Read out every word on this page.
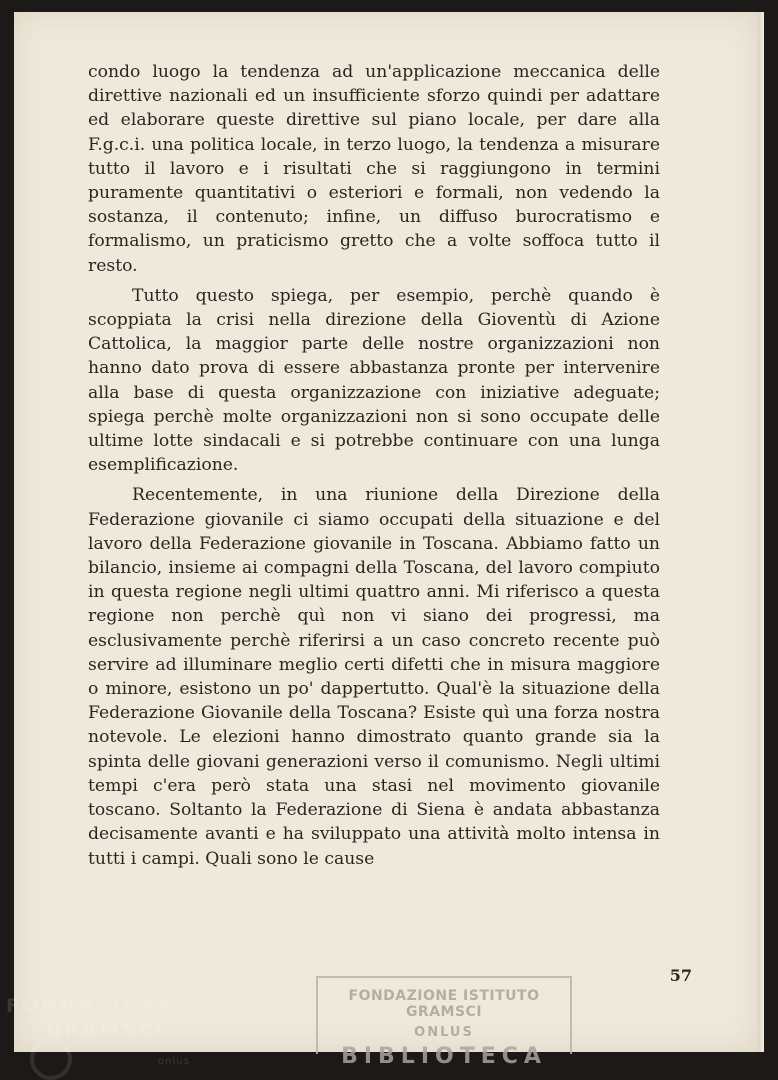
condo luogo la tendenza ad un'applicazione meccanica delle direttive nazionali ed un insufficiente sforzo quindi per adattare ed elaborare queste direttive sul piano locale, per dare alla F.g.c.i. una politica locale, in terzo luogo, la tendenza a misurare tutto il lavoro e i risultati che si raggiungono in termini puramente quantitativi o esteriori e formali, non vedendo la sostanza, il contenuto; infine, un diffuso burocratismo e formalismo, un praticismo gretto che a volte soffoca tutto il resto.

Tutto questo spiega, per esempio, perchè quando è scoppiata la crisi nella direzione della Gioventù di Azione Cattolica, la maggior parte delle nostre organizzazioni non hanno dato prova di essere abbastanza pronte per intervenire alla base di questa organizzazione con iniziative adeguate; spiega perchè molte organizzazioni non si sono occupate delle ultime lotte sindacali e si potrebbe continuare con una lunga esemplificazione.

Recentemente, in una riunione della Direzione della Federazione giovanile ci siamo occupati della situazione e del lavoro della Federazione giovanile in Toscana. Abbiamo fatto un bilancio, insieme ai compagni della Toscana, del lavoro compiuto in questa regione negli ultimi quattro anni. Mi riferisco a questa regione non perchè quì non vi siano dei progressi, ma esclusivamente perchè riferirsi a un caso concreto recente può servire ad illuminare meglio certi difetti che in misura maggiore o minore, esistono un po' dappertutto. Qual'è la situazione della Federazione Giovanile della Toscana? Esiste quì una forza nostra notevole. Le elezioni hanno dimostrato quanto grande sia la spinta delle giovani generazioni verso il comunismo. Negli ultimi tempi c'era però stata una stasi nel movimento giovanile toscano. Soltanto la Federazione di Siena è andata abbastanza decisamente avanti e ha sviluppato una attività molto intensa in tutti i campi. Quali sono le cause

57
FONDAZIONE ISTITUTO GRAMSCI
ONLUS
BIBLIOTECA
FONDAZIONE
GRAMSCI
onlus
